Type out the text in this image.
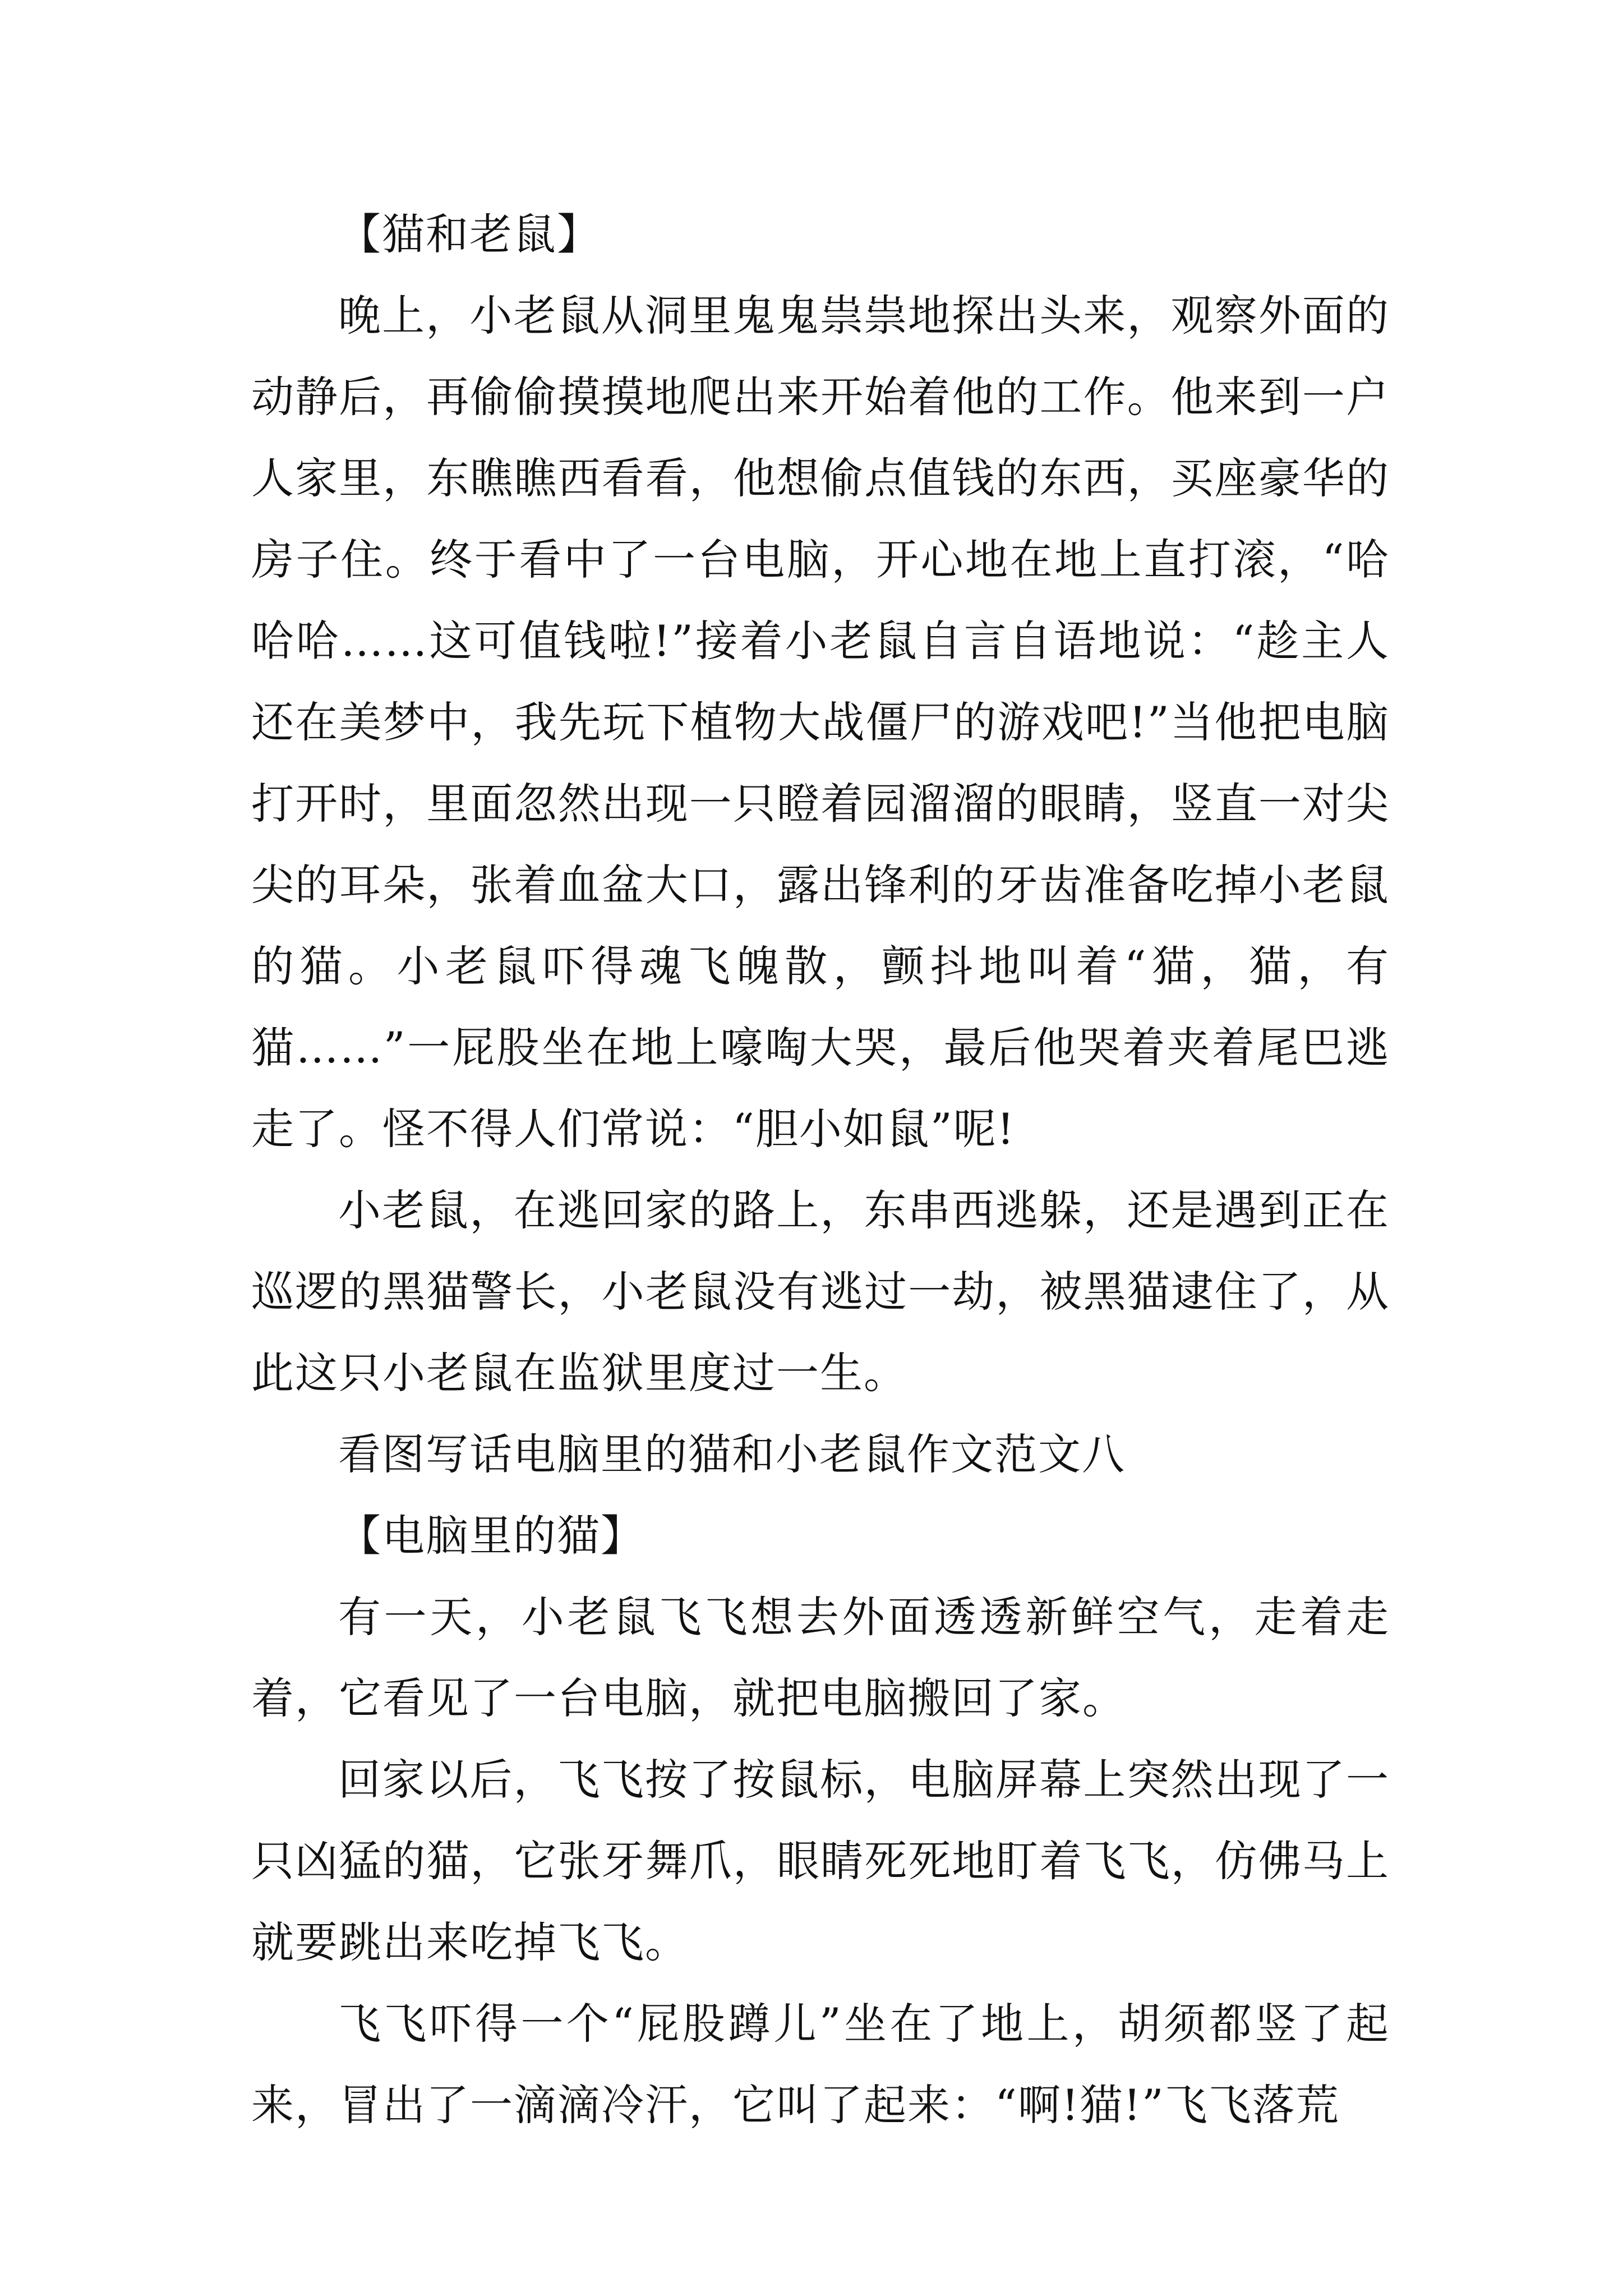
【猫和老鼠】

晚上，小老鼠从洞里鬼鬼祟祟地探出头来，观察外面的动静后，再偷偷摸摸地爬出来开始着他的工作。他来到一户人家里，东瞧瞧西看看，他想偷点值钱的东西，买座豪华的房子住。终于看中了一台电脑，开心地在地上直打滚，“哈哈哈……这可值钱啦!”接着小老鼠自言自语地说：“趁主人还在美梦中，我先玩下植物大战僵尸的游戏吧!”当他把电脑打开时，里面忽然出现一只瞪着园溜溜的眼睛，竖直一对尖尖的耳朵，张着血盆大口，露出锋利的牙齿准备吃掉小老鼠的猫。小老鼠吓得魂飞魄散，颤抖地叫着“猫，猫，有猫……”一屁股坐在地上嚎啕大哭，最后他哭着夹着尾巴逃走了。怪不得人们常说：“胆小如鼠”呢!

小老鼠，在逃回家的路上，东串西逃躲，还是遇到正在巡逻的黑猫警长，小老鼠没有逃过一劫，被黑猫逮住了，从此这只小老鼠在监狱里度过一生。

看图写话电脑里的猫和小老鼠作文范文八

【电脑里的猫】

有一天，小老鼠飞飞想去外面透透新鲜空气，走着走着，它看见了一台电脑，就把电脑搬回了家。

回家以后，飞飞按了按鼠标，电脑屏幕上突然出现了一只凶猛的猫，它张牙舞爪，眼睛死死地盯着飞飞，仿佛马上就要跳出来吃掉飞飞。

飞飞吓得一个“屁股蹲儿”坐在了地上，胡须都竖了起来，冒出了一滴滴冷汗，它叫了起来：“啊!猫!”飞飞落荒
